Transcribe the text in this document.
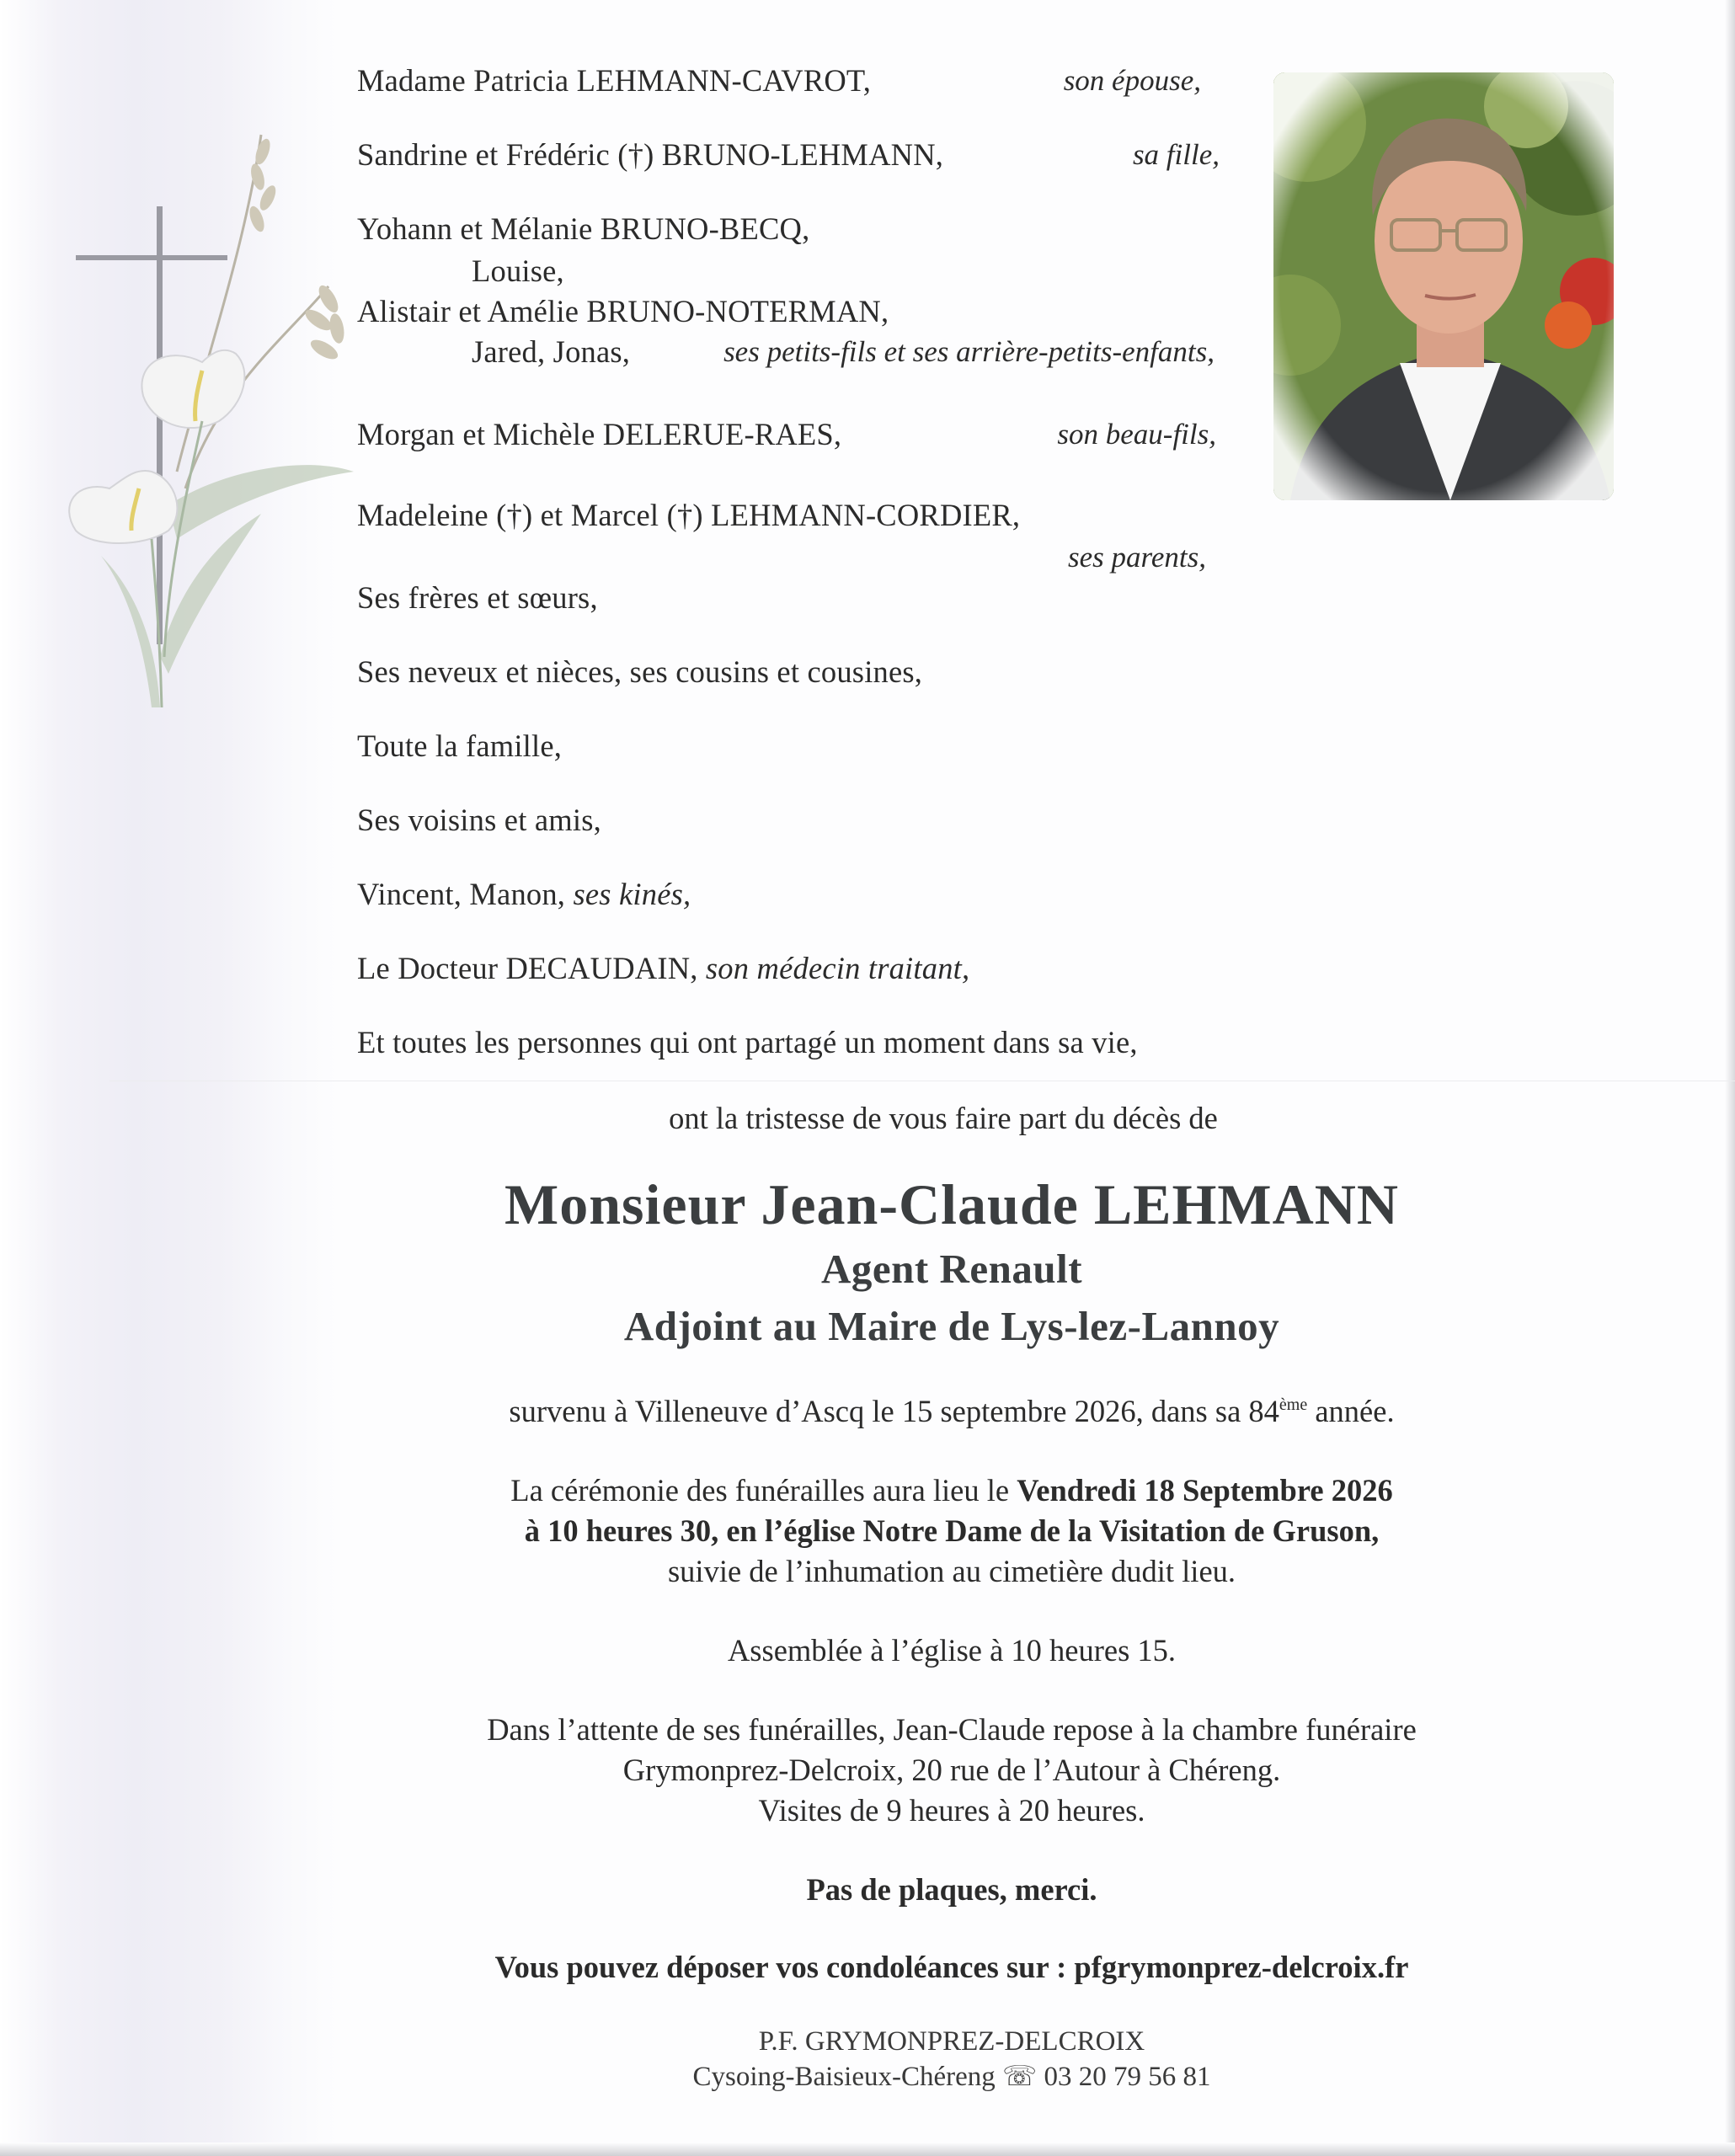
Madame Patricia LEHMANN-CAVROT,	son épouse,
Sandrine et Frédéric (†) BRUNO-LEHMANN,	sa fille,
Yohann et Mélanie BRUNO-BECQ,
Louise,
Alistair et Amélie BRUNO-NOTERMAN,
Jared, Jonas,	ses petits-fils et ses arrière-petits-enfants,
Morgan et Michèle DELERUE-RAES,	son beau-fils,
Madeleine (†) et Marcel (†) LEHMANN-CORDIER,
ses parents,
Ses frères et sœurs,
Ses neveux et nièces, ses cousins et cousines,
Toute la famille,
Ses voisins et amis,
Vincent, Manon, ses kinés,
Le Docteur DECAUDAIN, son médecin traitant,
Et toutes les personnes qui ont partagé un moment dans sa vie,
ont la tristesse de vous faire part du décès de
Monsieur Jean-Claude LEHMANN
Agent Renault
Adjoint au Maire de Lys-lez-Lannoy
survenu à Villeneuve d’Ascq le 15 septembre 2026, dans sa 84ème année.
La cérémonie des funérailles aura lieu le Vendredi 18 Septembre 2026
à 10 heures 30, en l’église Notre Dame de la Visitation de Gruson,
suivie de l’inhumation au cimetière dudit lieu.
Assemblée à l’église à 10 heures 15.
Dans l’attente de ses funérailles, Jean-Claude repose à la chambre funéraire
Grymonprez-Delcroix, 20 rue de l’Autour à Chéreng.
Visites de 9 heures à 20 heures.
Pas de plaques, merci.
Vous pouvez déposer vos condoléances sur : pfgrymonprez-delcroix.fr
P.F. GRYMONPREZ-DELCROIX
Cysoing-Baisieux-Chéreng ☏ 03 20 79 56 81
